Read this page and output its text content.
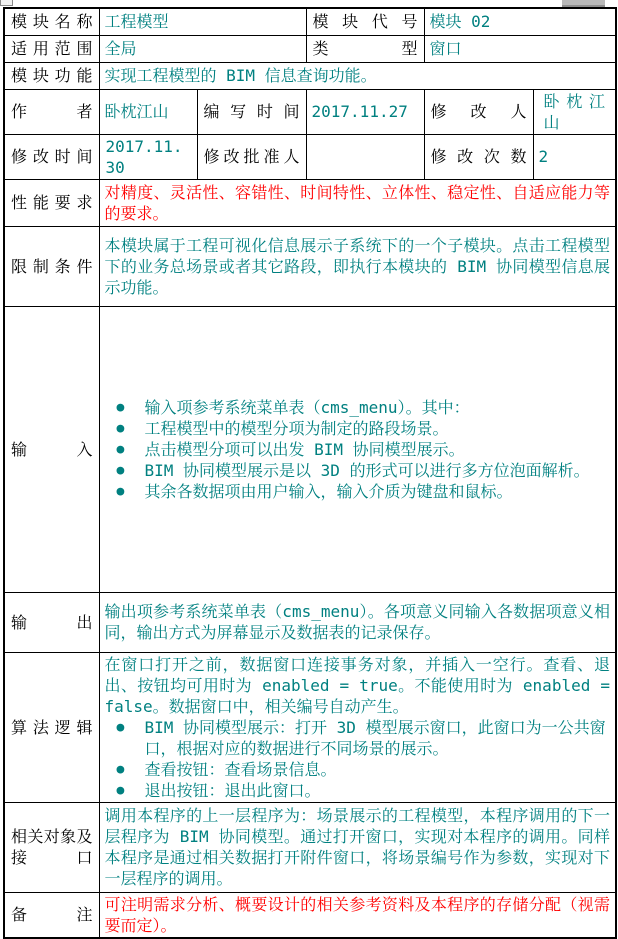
模块名称	工程模型		模块代号	模块 02	
适用范围	全局		类型	窗口	
模块功能	实现工程模型的 BIM 信息查询功能。				
作者	卧枕江山	编写时间	2017.11.27	修改人	卧枕江山
修改时间	2017.11.30	修改批准人		修改次数	2
性能要求	对精度、灵活性、容错性、时间特性、立体性、稳定性、自适应能力等的要求。				
限制条件	本模块属于工程可视化信息展示子系统下的一个子模块。点击工程模型下的业务总场景或者其它路段，即执行本模块的 BIM 协同模型信息展示功能。				
输入	
●	输入项参考系统菜单表（cms_menu）。其中：
●	工程模型中的模型分项为制定的路段场景。
●	点击模型分项可以出发 BIM 协同模型展示。
●	BIM 协同模型展示是以 3D 的形式可以进行多方位泡面解析。
●	其余各数据项由用户输入，输入介质为键盘和鼠标。

输出	输出项参考系统菜单表（cms_menu）。各项意义同输入各数据项意义相同，输出方式为屏幕显示及数据表的记录保存。				
算法逻辑	
在窗口打开之前，数据窗口连接事务对象，并插入一空行。查看、退出、按钮均可用时为 enabled = true。不能使用时为 enabled = false。数据窗口中，相关编号自动产生。
●	BIM 协同模型展示：打开 3D 模型展示窗口，此窗口为一公共窗口，根据对应的数据进行不同场景的展示。
●	查看按钮：查看场景信息。
●	退出按钮：退出此窗口。

相关对象及
接口	调用本程序的上一层程序为：场景展示的工程模型，本程序调用的下一层程序为 BIM 协同模型。通过打开窗口，实现对本程序的调用。同样本程序是通过相关数据打开附件窗口，将场景编号作为参数，实现对下一层程序的调用。				
备注	可注明需求分析、概要设计的相关参考资料及本程序的存储分配（视需要而定）。				
